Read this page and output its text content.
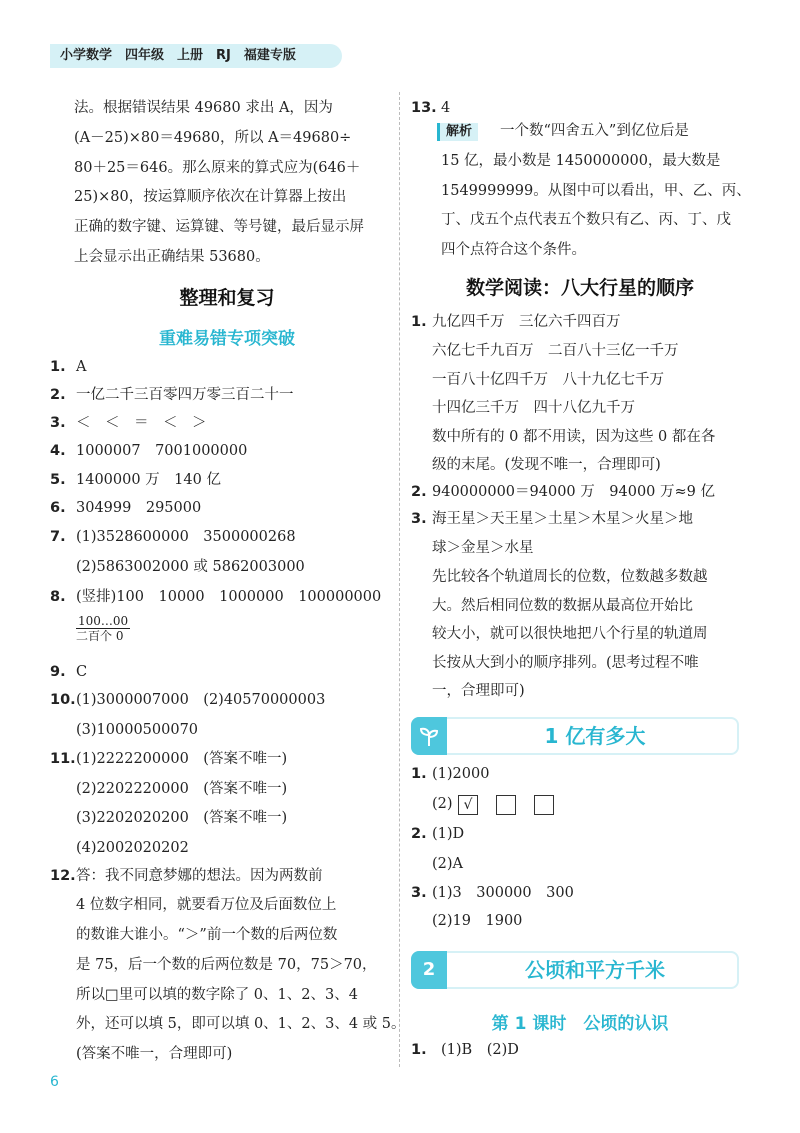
小学数学　四年级　上册　RJ　福建专版
法。根据错误结果 49680 求出 A，因为
(A－25)×80＝49680，所以 A＝49680÷
80＋25＝646。那么原来的算式应为(646＋
25)×80，按运算顺序依次在计算器上按出
正确的数字键、运算键、等号键，最后显示屏
上会显示出正确结果 53680。
整理和复习
重难易错专项突破
1. A
2. 一亿二千三百零四万零三百二十一
3. ＜　＜　＝　＜　＞
4. 1000007　7001000000
5. 1400000 万　140 亿
6. 304999　295000
7. (1)3528600000　3500000268
(2)5863002000 或 5862003000
8. (竖排)100　10000　1000000　100000000
9. C
10. (1)3000007000　(2)40570000003
(3)10000500070
11. (1)2222200000　(答案不唯一)
(2)2202220000　(答案不唯一)
(3)2202020200　(答案不唯一)
(4)2002020202
12. 答：我不同意梦娜的想法。因为两数前
4 位数字相同，就要看万位及后面数位上
的数谁大谁小。“＞”前一个数的后两位数
是 75，后一个数的后两位数是 70，75＞70，
所以□里可以填的数字除了 0、1、2、3、4
外，还可以填 5，即可以填 0、1、2、3、4 或 5。
(答案不唯一，合理即可)
100…00
二百个 0
6
13. 4
解析	一个数“四舍五入”到亿位后是
15 亿，最小数是 1450000000，最大数是
1549999999。从图中可以看出，甲、乙、丙、
丁、戊五个点代表五个数只有乙、丙、丁、戊
四个点符合这个条件。
数学阅读：八大行星的顺序
1. 九亿四千万　三亿六千四百万
六亿七千九百万　二百八十三亿一千万
一百八十亿四千万　八十九亿七千万
十四亿三千万　四十八亿九千万
数中所有的 0 都不用读，因为这些 0 都在各
级的末尾。(发现不唯一，合理即可)
2. 940000000＝94000 万　94000 万≈9 亿
3. 海王星＞天王星＞土星＞木星＞火星＞地
球＞金星＞水星
先比较各个轨道周长的位数，位数越多数越
大。然后相同位数的数据从最高位开始比
较大小，就可以很快地把八个行星的轨道周
长按从大到小的顺序排列。(思考过程不唯
一，合理即可)
1 亿有多大
1. (1)2000
(2)
2. (1)D
(2)A
3. (1)3　300000　300
(2)19　1900
√
2	公顷和平方千米
第 1 课时　公顷的认识
1. (1)B　(2)D
